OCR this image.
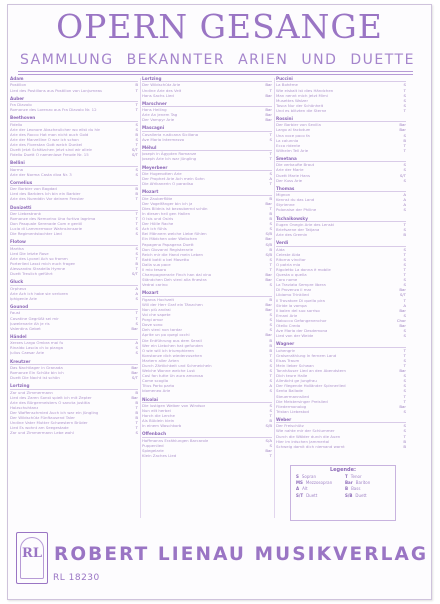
OPERN GESANGE
SAMMLUNG BEKANNTER ARIEN UND DUETTE
Adam
Postillon	B
Lied des Postillons aus Postillon von Lonjumeau	T
Auber
Fra Diavolo	T
Romanze des Lorenzo aus Fra Diavolo Nr. 12	T
Beethoven
Fidelio	S
Arie der Leonore Abscheulicher wo eilst du hin	S
Arie des Rocco Hat man nicht auch Gold	B
Arie der Marzelline O war ich schon	S
Arie des Florestan Gott welch Dunkel	T
Duett Jetzt Schätzchen jetzt sind wir allein	S/T
Fidelio Duett O namenlose Freude Nr. 15	S/T
Bellini
Norma	S
Arie der Norma Casta diva Nr. 3	S
Cornelius
Der Barbier von Bagdad	B
Lied des Barbiers Ich bin ein Barbier	B
Arie des Nureddin Vor deinem Fenster	T
Donizetti
Der Liebestrank	T
Romanze des Nemorino Una furtiva lagrima	T
Don Pasquale Serenade Com e gentil	T
Lucia di Lammermoor Wahnsinnsarie	S
Die Regimentstochter Lied	S
Flotow
Martha	S
Lied Die letzte Rose	S
Arie des Lyonel Ach so fromm	T
Porterlied Lasst mich euch fragen	B
Alessandro Stradella Hymne	T
Duett Treulich geführt	S/T
Gluck
Orpheus	A
Arie Ach ich habe sie verloren	A
Iphigenie Arie	S
Gounod
Faust	T
Cavatine Gegrüßt sei mir	T
Juwelenarie Ah je ris	S
Valentins Gebet	Bar
Händel
Xerxes Largo Ombra mai fu	A
Rinaldo Lascia ch io pianga	S
Julius Caesar Arie	S
Kreutzer
Das Nachtlager in Granada	Bar
Romanze Ein Schütz bin ich	Bar
Duett Die Nacht ist schön	S/T
Lortzing
Zar und Zimmermann	B
Lied des Zaren Sonst spielt ich mit Zepter	Bar
Arie des Bürgermeisters O sancta justitia	B
Holzschuhtanz	T
Der Waffenschmied Auch ich war ein Jüngling	B
Der Wildschütz Fünftausend Taler	B
Undine Vater Mutter Schwestern Brüder	T
Lied Es wohnt am Seegestade	T
Zar und Zimmermann Lebe wohl	S
Lortzing
Der Wildschütz Arie	Bar
Undine Arie des Veit	T
Hans Sachs Lied	Bar
Marschner
Hans Heiling	Bar
Arie An jenem Tag	Bar
Der Vampyr Arie	Bar
Mascagni
Cavalleria rusticana Siciliana	T
Ave Maria Intermezzo	S
Méhul
Joseph in Ägypten Romanze	T
Joseph Arie Ich war Jüngling	T
Meyerbeer
Die Hugenotten Arie	S
Der Prophet Arie Ach mein Sohn	A
Die Afrikanerin O paradiso	T
Mozart
Die Zauberflöte	B
Der Vogelfänger bin ich ja	Bar
Dies Bildnis ist bezaubernd schön	T
In diesen heil gen Hallen	B
O Isis und Osiris	B
Der Hölle Rache	S
Ach ich fühls	S
Bei Männern welche Liebe fühlen	S/B
Ein Mädchen oder Weibchen	Bar
Papageno Papagena Duett	S/B
Don Giovanni Registerarie	B
Reich mir die Hand mein Leben	S/B
Batti batti o bel Masetto	S
Dalla sua pace	T
Il mio tesoro	T
Champagnerarie Finch han dal vino	Bar
Ständchen Deh vieni alla finestra	Bar
Vedrai carino	S
Mozart
Figaros Hochzeit	B
Will der Herr Graf ein Tänzchen	Bar
Non più andrai	Bar
Voi che sapete	S
Porgi amor	S
Dove sono	S
Deh vieni non tardar	S
Aprite un po quegl occhi	Bar
Die Entführung aus dem Serail	B
Wer ein Liebchen hat gefunden	B
O wie will ich triumphieren	B
Konstanze dich wiederzusehen	T
Martern aller Arten	S
Durch Zärtlichkeit und Schmeicheln	S
Welche Wonne welche Lust	S
Così fan tutte Un aura amorosa	T
Come scoglio	S
Titus Parto parto	A
Idomeneo Arie	S
Nicolai
Die lustigen Weiber von Windsor	S
Nun eilt herbei	S
Horch die Lerche	T
Als Büblein klein	B
In einem Waschkorb	S/B
Offenbach
Hoffmanns Erzählungen Barcarole	S/A
Puppenlied	S
Spiegelarie	Bar
Klein Zaches Lied	T
Puccini
La Bohème	S
Wie eiskalt ist dies Händchen	T
Man nennt mich jetzt Mimi	S
Musettes Walzer	S
Tosca Nur der Schönheit	S
Und es blitzten die Sterne	T
Rossini
Der Barbier von Sevilla	Bar
Largo al factotum	Bar
Una voce poco fa	S
La calunnia	B
Ecco ridente	T
Wilhelm Tell Arie	T
Smetana
Die verkaufte Braut	S
Arie der Marie	S
Duett Marie Hans	S/T
Der Kuss Arie	S
Thomas
Mignon	A
Kennst du das Land	A
Styrienne	A
Polonaise der Philine	S
Tschaikowsky
Eugen Onegin Arie des Lenski	T
Briefszene der Tatjana	S
Arie des Gremin	B
Verdi
Aida	S
Celeste Aida	T
Ritorna vincitor	S
O patria mia	S
Rigoletto La donna è mobile	T
Questa o quella	T
Caro nome	S
La Traviata Sempre libera	S
Di Provenza il mar	Bar
Libiamo Trinklied	S/T
Il Trovatore Di quella pira	T
Stride la vampa	A
Il balen del suo sorriso	Bar
Ernani Arie	S
Nabucco Gefangenenchor	Chor
Otello Credo	Bar
Ave Maria der Desdemona	S
Lied von der Weide	S
Wagner
Lohengrin	T
Gralserzählung In fernem Land	T
Elsas Traum	S
Mein lieber Schwan	T
Tannhäuser Lied an den Abendstern	Bar
Dich teure Halle	S
Allmächt ge Jungfrau	S
Der fliegende Holländer Spinnerlied	S
Senta Ballade	S
Steuermannslied	T
Die Meistersinger Preislied	T
Fliedermonolog	Bar
Tristan Liebestod	S
Weber
Der Freischütz	S
Wie nahte mir der Schlummer	S
Durch die Wälder durch die Auen	T
Hier im irdschen Jammertal	B
Schweig damit dich niemand warnt	B
Legende:
S Sopran	T Tenor
MS Mezzosopran	Bar Bariton
A Alt	B Bass
S/T Duett	S/B Duett
RL ROBERT LIENAU MUSIKVERLAG
RL 18230
